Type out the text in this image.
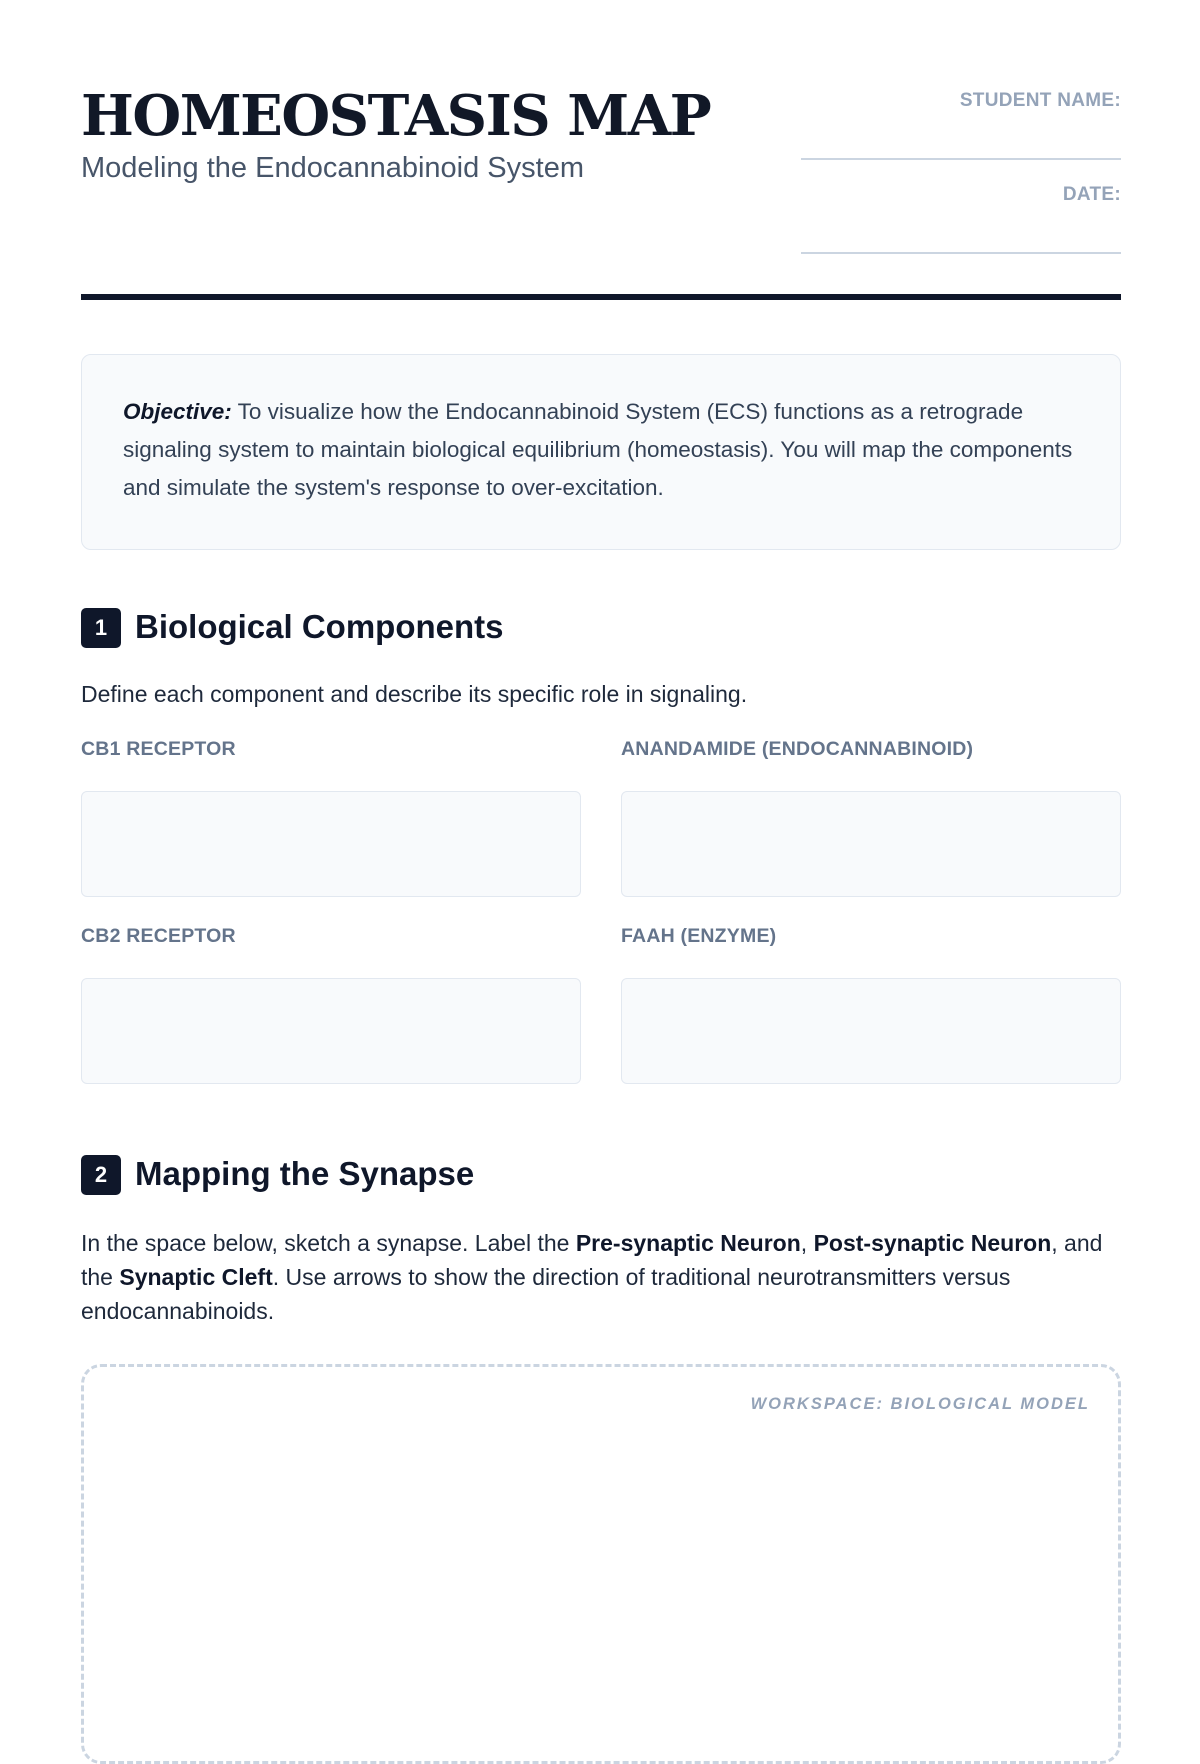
HOMEOSTASIS MAP
Modeling the Endocannabinoid System
STUDENT NAME:
DATE:

Objective: To visualize how the Endocannabinoid System (ECS) functions as a retrograde signaling system to maintain biological equilibrium (homeostasis). You will map the components and simulate the system's response to over-excitation.

1 Biological Components
Define each component and describe its specific role in signaling.
CB1 RECEPTOR	ANANDAMIDE (ENDOCANNABINOID)
CB2 RECEPTOR	FAAH (ENZYME)
2 Mapping the Synapse
In the space below, sketch a synapse. Label the Pre-synaptic Neuron, Post-synaptic Neuron, and the Synaptic Cleft. Use arrows to show the direction of traditional neurotransmitters versus endocannabinoids.
WORKSPACE: BIOLOGICAL MODEL
